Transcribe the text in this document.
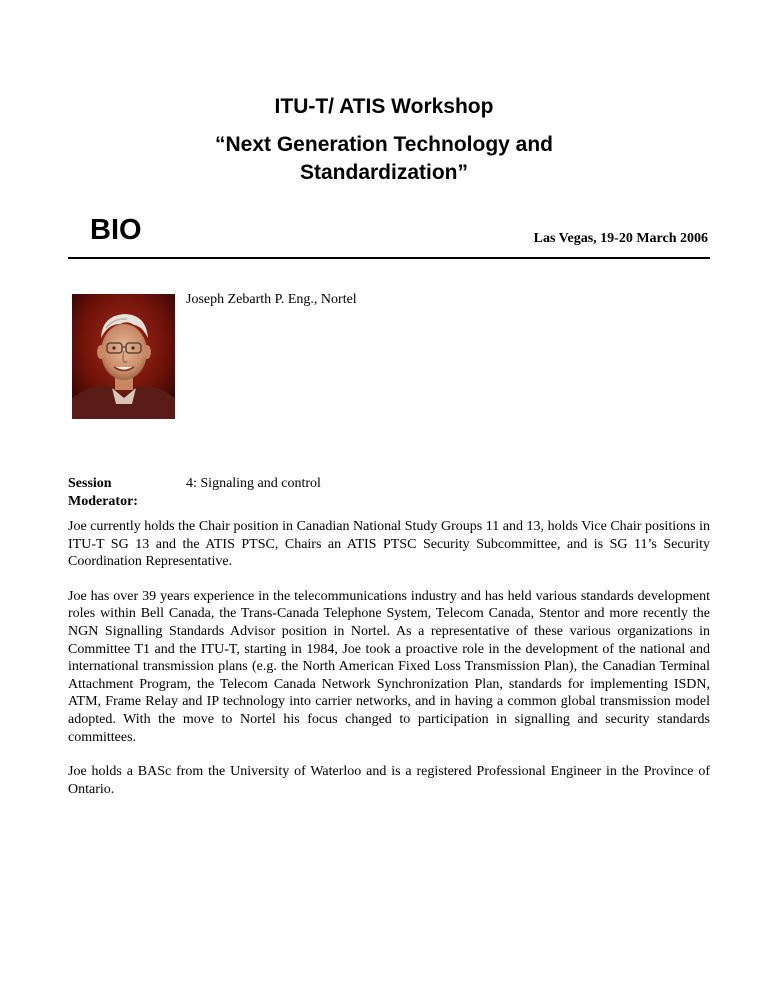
ITU-T/ ATIS Workshop
“Next Generation Technology and
Standardization”
BIO	Las Vegas, 19-20 March 2006
Joseph Zebarth P. Eng., Nortel
Session
Moderator:
4: Signaling and control

Joe currently holds the Chair position in Canadian National Study Groups 11 and 13, holds Vice Chair positions in ITU-T SG 13 and the ATIS PTSC, Chairs an ATIS PTSC Security Subcommittee, and is SG 11’s Security Coordination Representative.

Joe has over 39 years experience in the telecommunications industry and has held various standards development roles within Bell Canada, the Trans-Canada Telephone System, Telecom Canada, Stentor and more recently the NGN Signalling Standards Advisor position in Nortel. As a representative of these various organizations in Committee T1 and the ITU-T, starting in 1984, Joe took a proactive role in the development of the national and international transmission plans (e.g. the North American Fixed Loss Transmission Plan), the Canadian Terminal Attachment Program, the Telecom Canada Network Synchronization Plan, standards for implementing ISDN, ATM, Frame Relay and IP technology into carrier networks, and in having a common global transmission model adopted. With the move to Nortel his focus changed to participation in signalling and security standards committees.

Joe holds a BASc from the University of Waterloo and is a registered Professional Engineer in the Province of Ontario.
